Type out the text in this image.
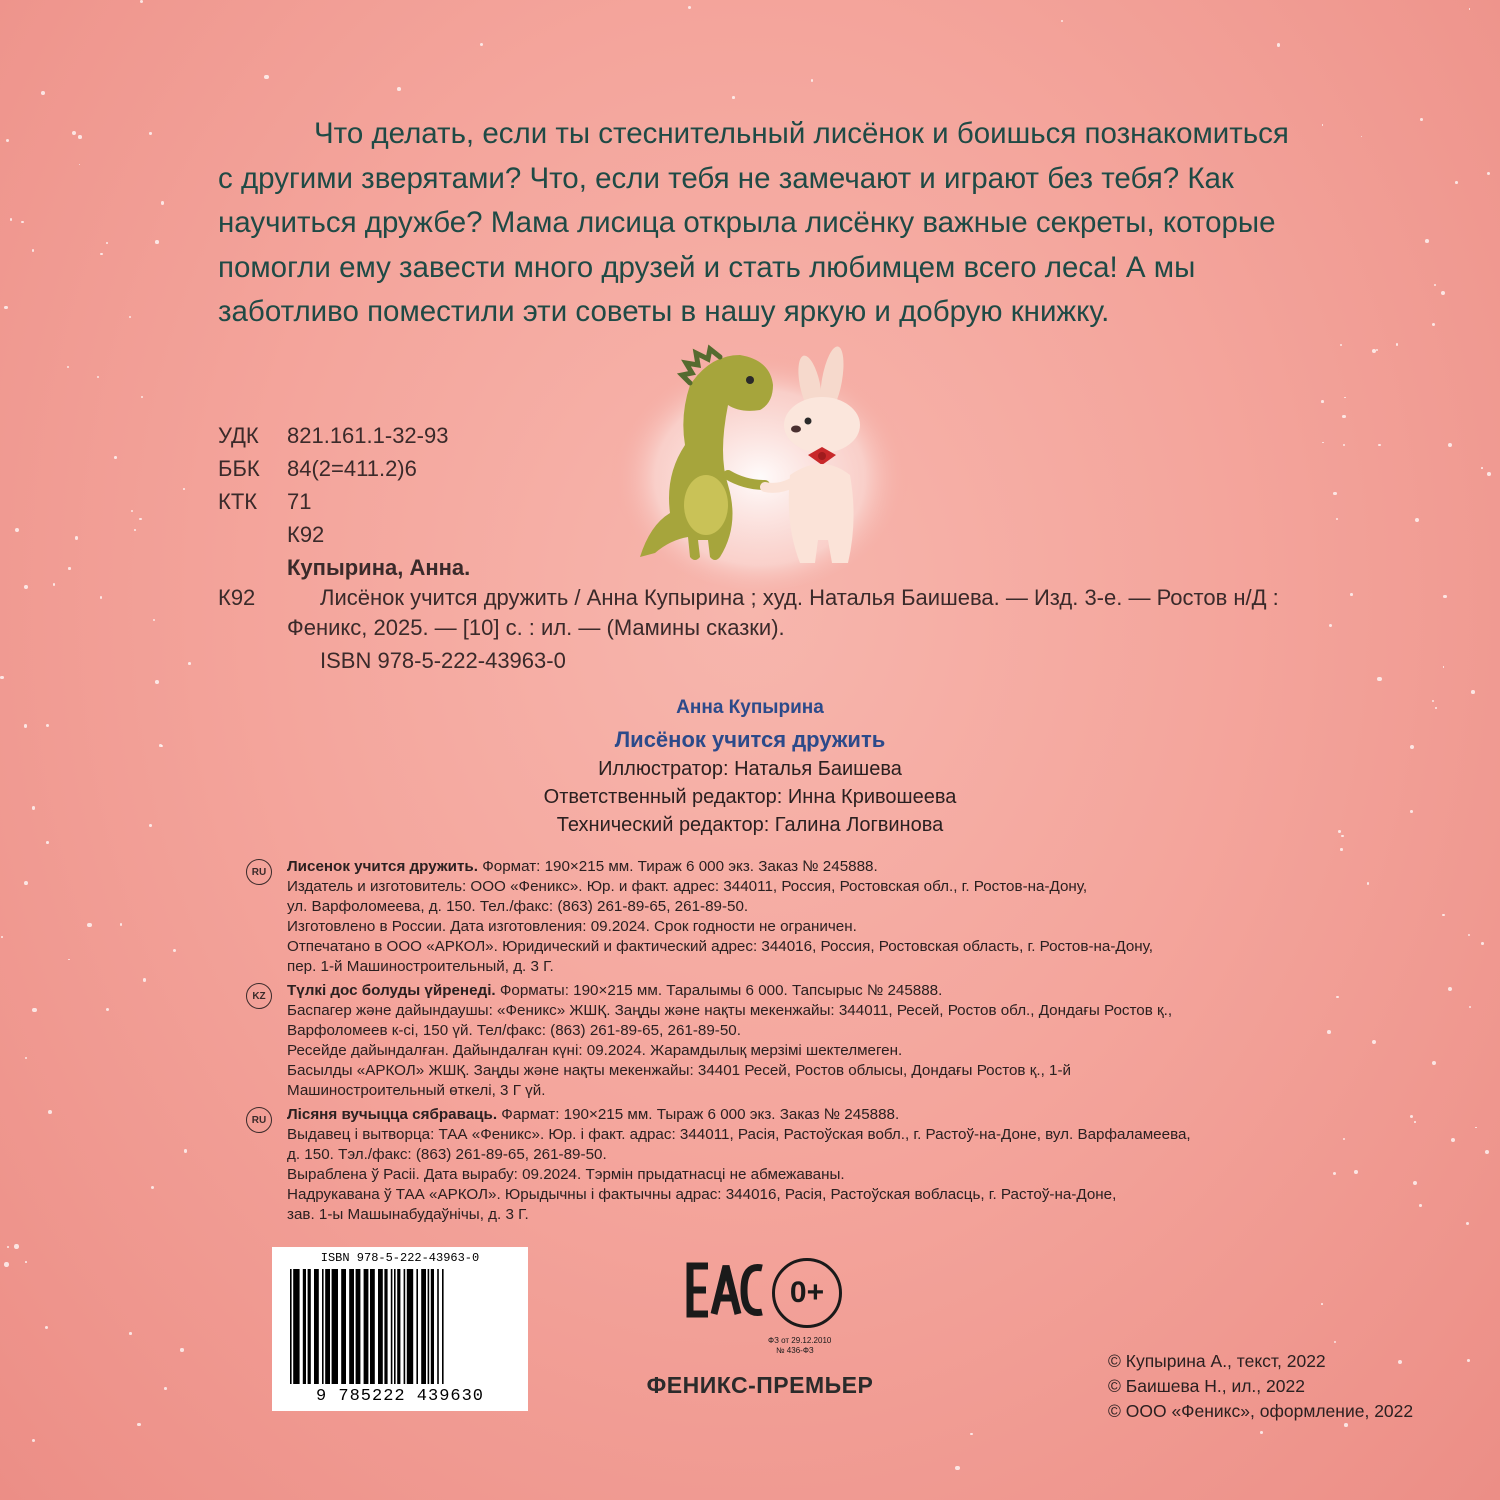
Что делать, если ты стеснительный лисёнок и боишься познакомиться с другими зверятами? Что, если тебя не замечают и играют без тебя? Как научиться дружбе? Мама лисица открыла лисёнку важные секреты, которые помогли ему завести много друзей и стать любимцем всего леса! А мы заботливо поместили эти советы в нашу яркую и добрую книжку.

УДК 821.161.1-32-93
ББК 84(2=411.2)6
КТК 71
К92
Купырина, Анна.
К92	Лисёнок учится дружить / Анна Купырина ; худ. Наталья Баишева. — Изд. 3-е. — Ростов н/Д :
Феникс, 2025. — [10] с. : ил. — (Мамины сказки).
ISBN 978-5-222-43963-0
Анна Купырина
Лисёнок учится дружить
Иллюстратор: Наталья Баишева
Ответственный редактор: Инна Кривошеева
Технический редактор: Галина Логвинова
RU	Лисенок учится дружить. Формат: 190×215 мм. Тираж 6 000 экз. Заказ № 245888.
Издатель и изготовитель: ООО «Феникс». Юр. и факт. адрес: 344011, Россия, Ростовская обл., г. Ростов-на-Дону,
ул. Варфоломеева, д. 150. Тел./факс: (863) 261-89-65, 261-89-50.
Изготовлено в России. Дата изготовления: 09.2024. Срок годности не ограничен.
Отпечатано в ООО «АРКОЛ». Юридический и фактический адрес: 344016, Россия, Ростовская область, г. Ростов-на-Дону,
пер. 1-й Машиностроительный, д. 3 Г.
KZ	Түлкі дос болуды үйренеді. Форматы: 190×215 мм. Таралымы 6 000. Тапсырыс № 245888.
Баспагер және дайындаушы: «Феникс» ЖШҚ. Заңды және нақты мекенжайы: 344011, Ресей, Ростов обл., Дондағы Ростов қ.,
Варфоломеев к-сі, 150 үй. Тел/факс: (863) 261-89-65, 261-89-50.
Ресейде дайындалған. Дайындалған күні: 09.2024. Жарамдылық мерзімі шектелмеген.
Басылды «АРКОЛ» ЖШҚ. Заңды және нақты мекенжайы: 34401 Ресей, Ростов облысы, Дондағы Ростов қ., 1-й
Машиностроительный өткелі, 3 Г үй.
RU	Лісяня вучыцца сябраваць. Фармат: 190×215 мм. Тыраж 6 000 экз. Заказ № 245888.
Выдавец і вытворца: ТАА «Феникс». Юр. і факт. адрас: 344011, Расія, Растоўская вобл., г. Растоў-на-Доне, вул. Варфаламеева,
д. 150. Тэл./факс: (863) 261-89-65, 261-89-50.
Выраблена ў Расіі. Дата вырабу: 09.2024. Тэрмін прыдатнасці не абмежаваны.
Надрукавана ў ТАА «АРКОЛ». Юрыдычны і фактычны адрас: 344016, Расія, Растоўская вобласць, г. Растоў-на-Доне,
зав. 1-ы Машынабудаўнічы, д. 3 Г.
ISBN 978-5-222-43963-0
9 785222 439630
0+
ФЗ от 29.12.2010
№ 436-ФЗ
ФЕНИКС-ПРЕМЬЕР
© Купырина А., текст, 2022
© Баишева Н., ил., 2022
© ООО «Феникс», оформление, 2022
